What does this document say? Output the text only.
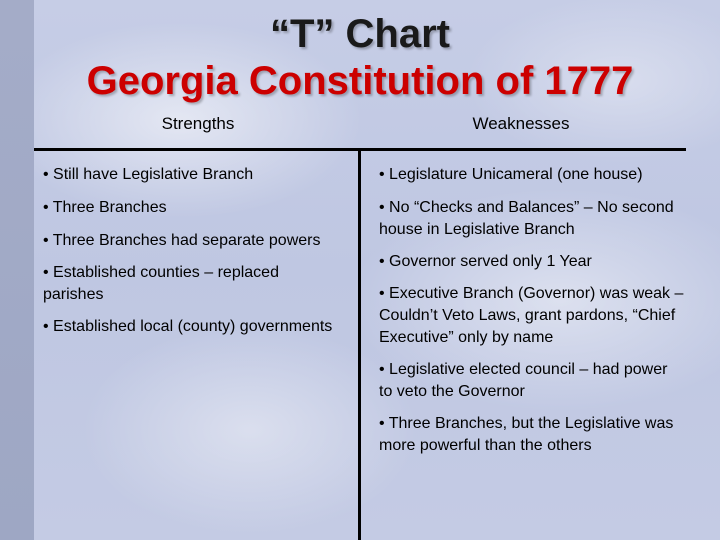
“T” Chart
Georgia Constitution of 1777
Strengths	Weaknesses
• Still have Legislative Branch
• Three Branches
• Three Branches had separate powers
• Established counties – replaced parishes
• Established local (county) governments
• Legislature Unicameral (one house)
• No “Checks and Balances” – No second house in Legislative Branch
• Governor served only 1 Year
• Executive Branch (Governor) was weak – Couldn’t Veto Laws, grant pardons, “Chief Executive” only by name
• Legislative elected council – had power to veto the Governor
• Three Branches, but the Legislative was more powerful than the others
